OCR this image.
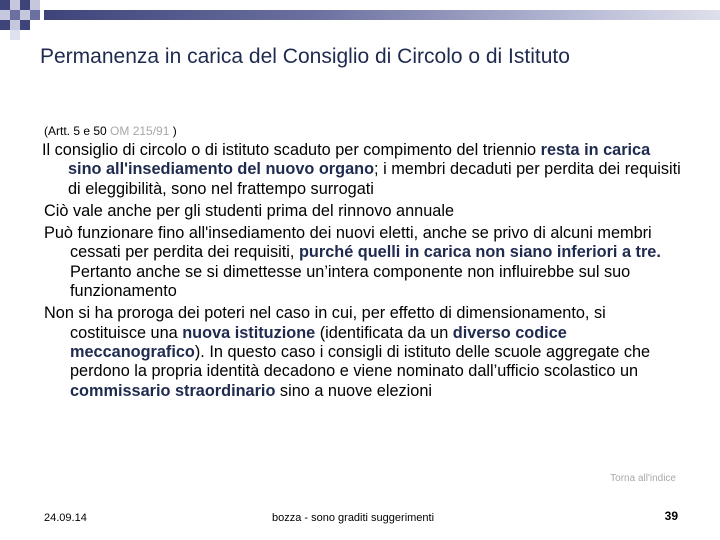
Permanenza in carica del Consiglio di Circolo o di Istituto
(Artt. 5 e 50 OM 215/91 )
Il consiglio di circolo o di istituto scaduto per compimento del triennio resta in carica sino all'insediamento del nuovo organo; i membri decaduti per perdita dei requisiti di eleggibilità, sono nel frattempo surrogati
Ciò vale anche per gli studenti prima del rinnovo annuale
Può funzionare fino all'insediamento dei nuovi eletti, anche se privo di alcuni membri cessati per perdita dei requisiti, purché quelli in carica non siano inferiori a tre. Pertanto anche se si dimettesse un’intera componente non influirebbe sul suo funzionamento
Non si ha proroga dei poteri nel caso in cui, per effetto di dimensionamento, si costituisce una nuova istituzione (identificata da un diverso codice meccanografico). In questo caso i consigli di istituto delle scuole aggregate che perdono la propria identità decadono e viene nominato dall’ufficio scolastico un commissario straordinario sino a nuove elezioni
Torna all'indice
24.09.14	bozza - sono graditi suggerimenti	39
